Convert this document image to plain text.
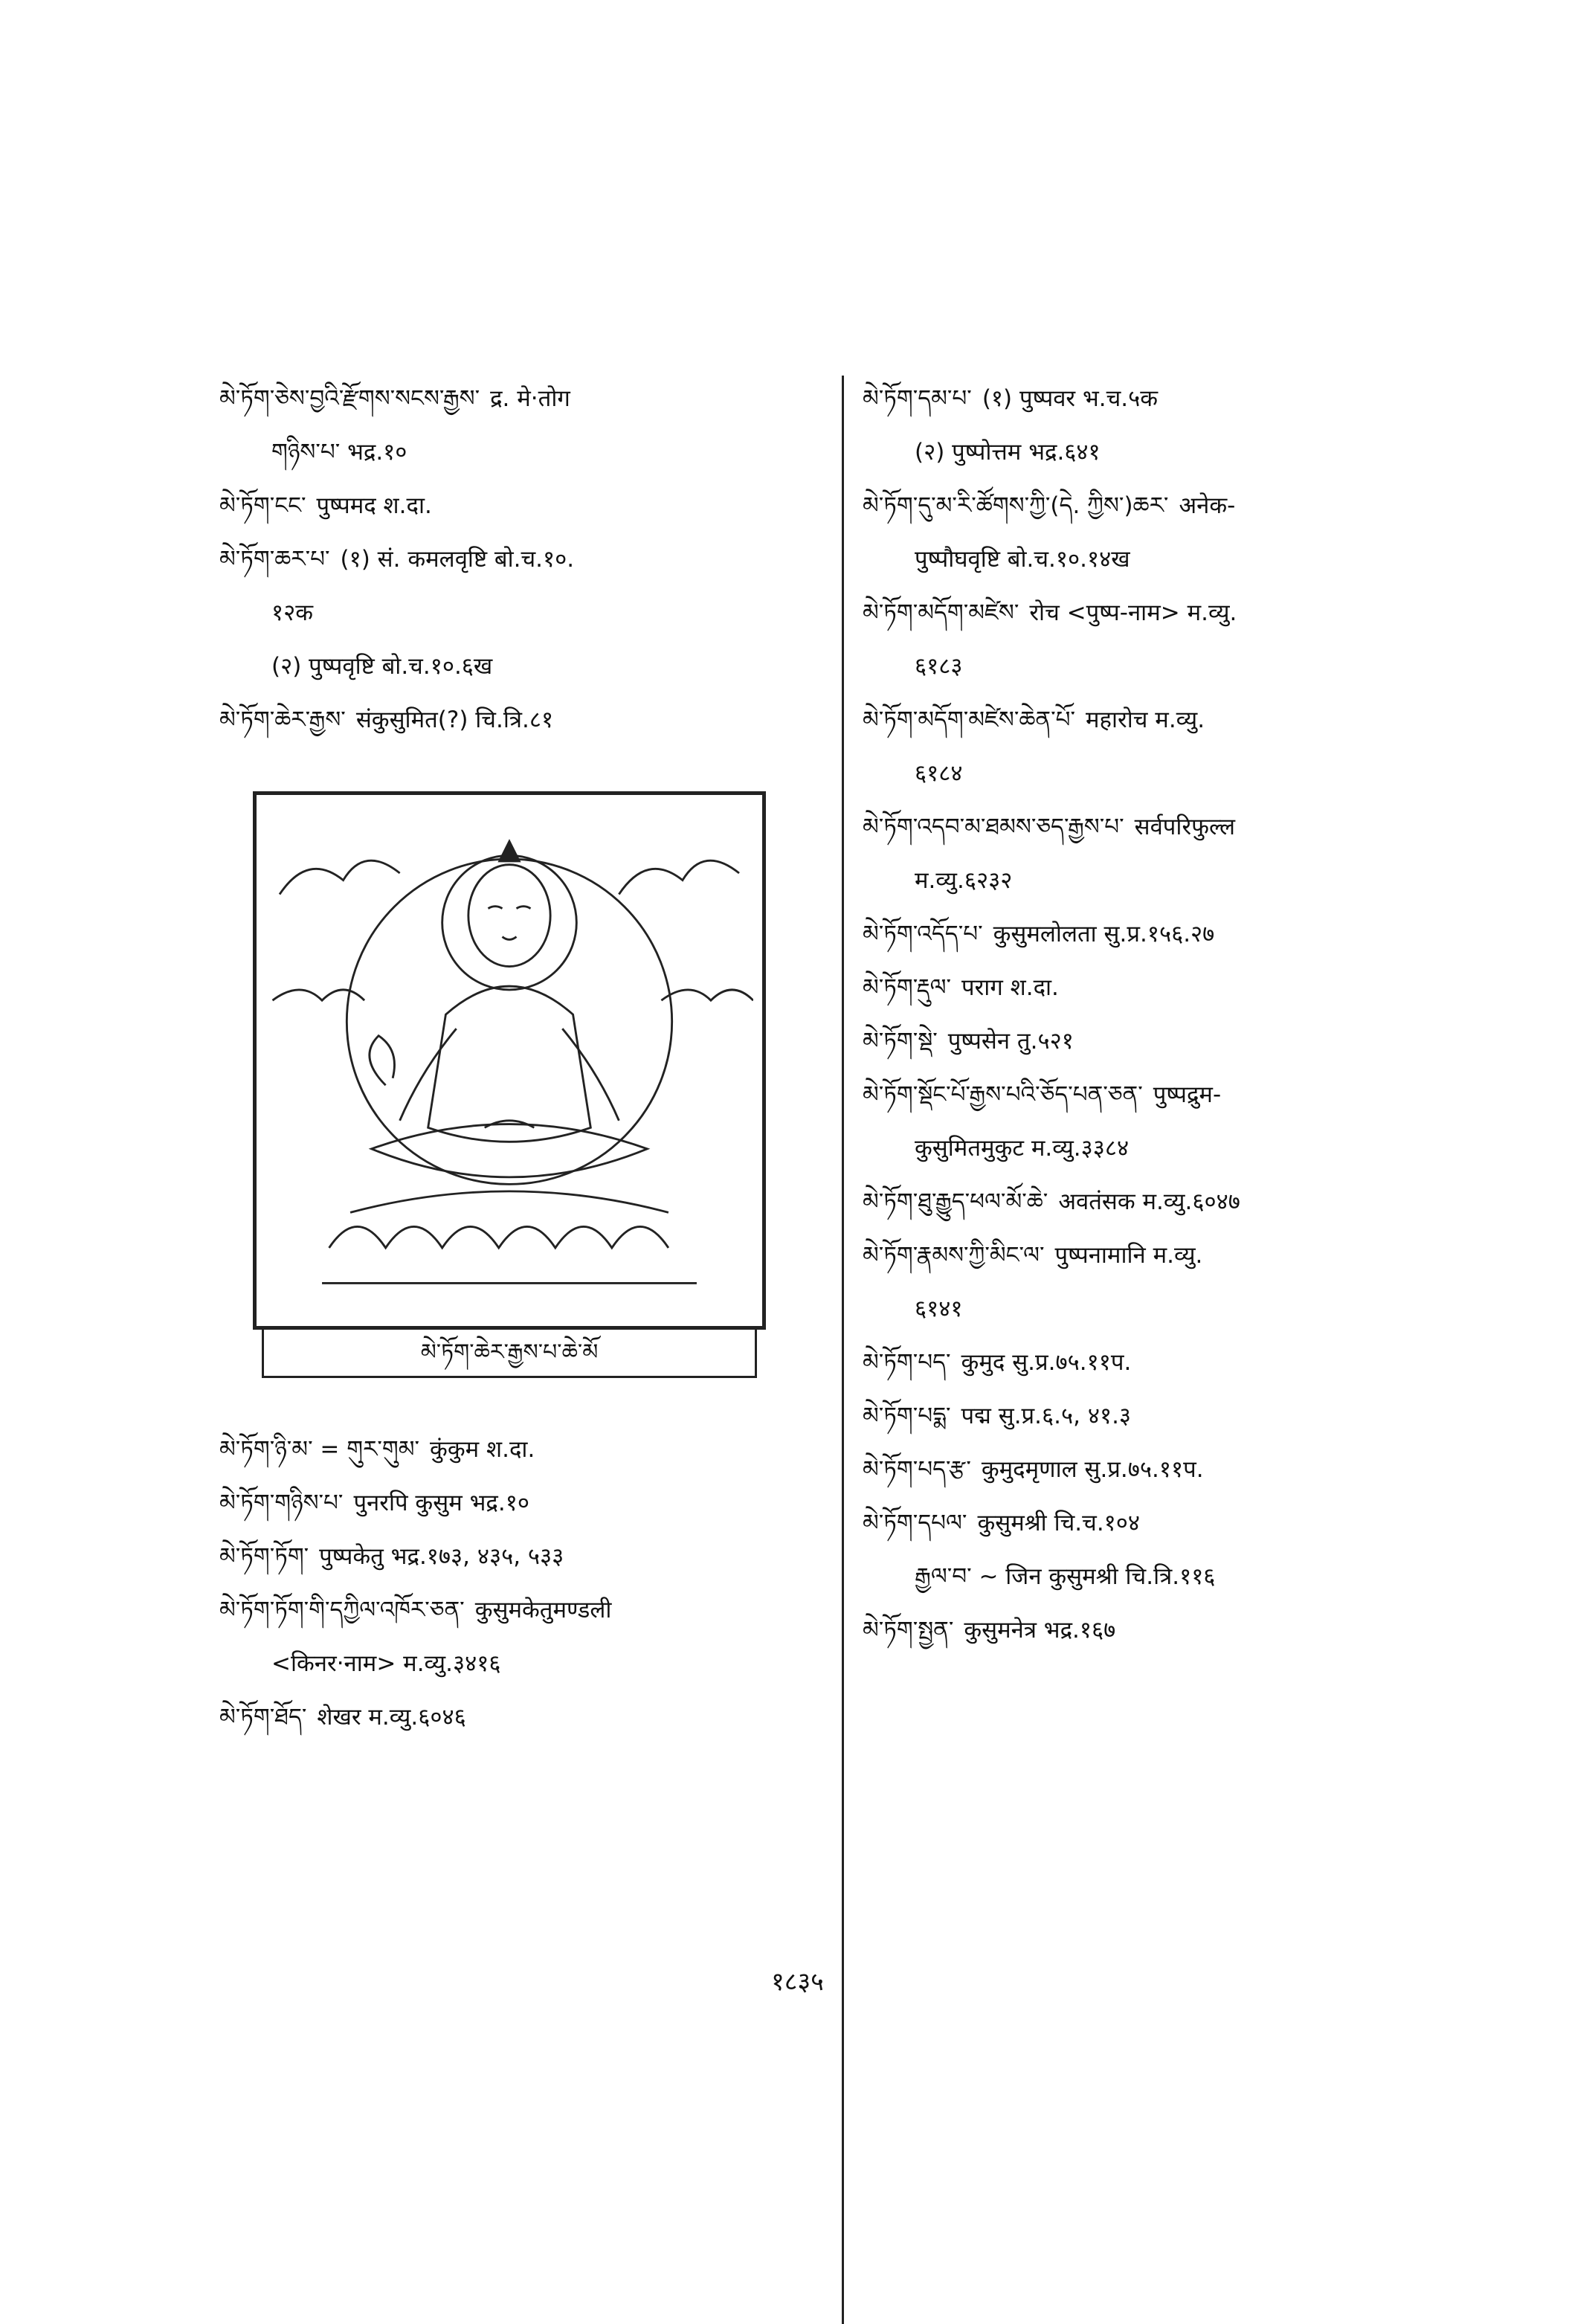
མེ་ཏོག་ཅེས་བྱའི་རྫོགས་སངས་རྒྱས་ द्र. मे·तोग
གཉིས་པ་ भद्र.१०
མེ་ཏོག་ངང་ पुष्पमद श.दा.
མེ་ཏོག་ཆར་པ་ (१) सं. कमलवृष्टि बो.च.१०.
१२क
(२) पुष्पवृष्टि बो.च.१०.६ख
མེ་ཏོག་ཆེར་རྒྱས་ संकुसुमित(?) चि.त्रि.८१
མེ་ཏོག་ཆེར་རྒྱས་པ་ཆེ་མོ
མེ་ཏོག་ཉི་མ་ = གུར་གུམ་ कुंकुम श.दा.
མེ་ཏོག་གཉིས་པ་ पुनरपि कुसुम भद्र.१०
མེ་ཏོག་ཏོག་ पुष्पकेतु भद्र.१७३, ४३५, ५३३
མེ་ཏོག་ཏོག་གི་དཀྱིལ་འཁོར་ཅན་ कुसुमकेतुमण्डली
<किनर·नाम> म.व्यु.३४१६
མེ་ཏོག་ཐོད་ शेखर म.व्यु.६०४६
མེ་ཏོག་དམ་པ་ (१) पुष्पवर भ.च.५क
(२) पुष्पोत्तम भद्र.६४१
མེ་ཏོག་དུ་མ་རི་ཚོགས་ཀྱི་(དེ. ཀྱིས་)ཆར་ अनेक-
पुष्पौघवृष्टि बो.च.१०.१४ख
མེ་ཏོག་མདོག་མཛེས་ रोच <पुष्प-नाम> म.व्यु.
६१८३
མེ་ཏོག་མདོག་མཛེས་ཆེན་པོ་ महारोच म.व्यु.
६१८४
མེ་ཏོག་འདབ་མ་ཐམས་ཅད་རྒྱས་པ་ सर्वपरिफुल्ल
म.व्यु.६२३२
མེ་ཏོག་འདོད་པ་ कुसुमलोलता सु.प्र.१५६.२७
མེ་ཏོག་རྡུལ་ पराग श.दा.
མེ་ཏོག་སྡེ་ पुष्पसेन तु.५२१
མེ་ཏོག་སྡོང་པོ་རྒྱས་པའི་ཅོད་པན་ཅན་ पुष्पद्रुम-
कुसुमितमुकुट म.व्यु.३३८४
མེ་ཏོག་ཐུ་རྒྱུད་ཕལ་མོ་ཆེ་ अवतंसक म.व्यु.६०४७
མེ་ཏོག་རྣམས་ཀྱི་མིང་ལ་ पुष्पनामानि म.व्यु.
६१४१
མེ་ཏོག་པད་ कुमुद सु.प्र.७५.११प.
མེ་ཏོག་པདྨ་ पद्म सु.प्र.६.५, ४१.३
མེ་ཏོག་པད་རྩ་ कुमुदमृणाल सु.प्र.७५.११प.
མེ་ཏོག་དཔལ་ कुसुमश्री चि.च.१०४
རྒྱལ་བ་ ~ जिन कुसुमश्री चि.त्रि.११६
མེ་ཏོག་སྤྱན་ कुसुमनेत्र भद्र.१६७
१८३५
